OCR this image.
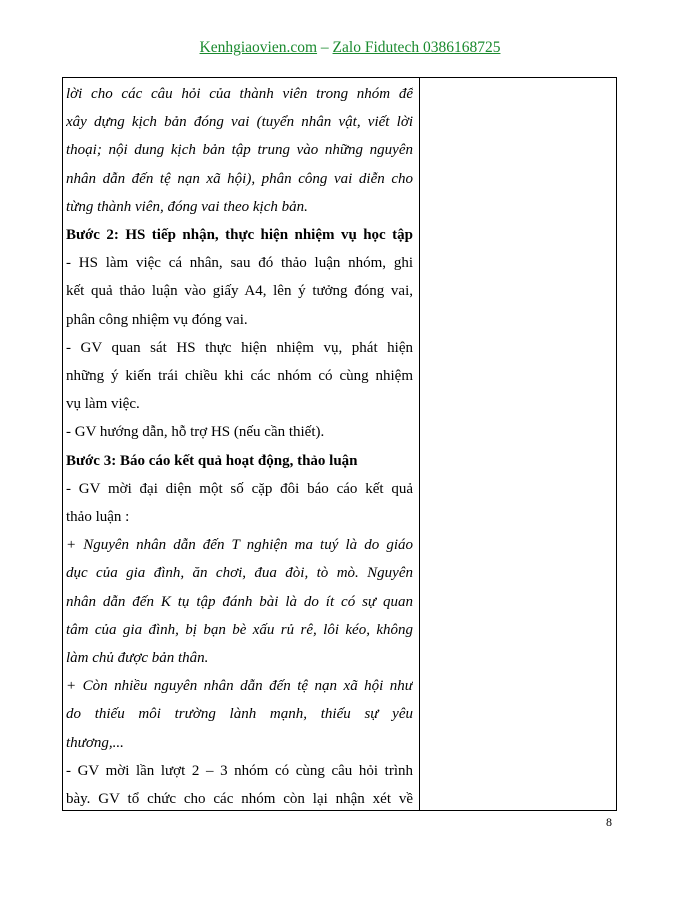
Kenhgiaovien.com – Zalo Fidutech 0386168725
lời cho các câu hỏi của thành viên trong nhóm để
xây dựng kịch bản đóng vai (tuyển nhân vật, viết lời
thoại; nội dung kịch bản tập trung vào những nguyên
nhân dẫn đến tệ nạn xã hội), phân công vai diễn cho
từng thành viên, đóng vai theo kịch bản.
Bước 2: HS tiếp nhận, thực hiện nhiệm vụ học tập
- HS làm việc cá nhân, sau đó thảo luận nhóm, ghi
kết quả thảo luận vào giấy A4, lên ý tưởng đóng vai,
phân công nhiệm vụ đóng vai.
- GV quan sát HS thực hiện nhiệm vụ, phát hiện
những ý kiến trái chiều khi các nhóm có cùng nhiệm
vụ làm việc.
- GV hướng dẫn, hỗ trợ HS (nếu cần thiết).
Bước 3: Báo cáo kết quả hoạt động, thảo luận
- GV mời đại diện một số cặp đôi báo cáo kết quả
thảo luận :
+ Nguyên nhân dẫn đến T nghiện ma tuý là do giáo
dục của gia đình, ăn chơi, đua đòi, tò mò. Nguyên
nhân dẫn đến K tụ tập đánh bài là do ít có sự quan
tâm của gia đình, bị bạn bè xấu rủ rê, lôi kéo, không
làm chủ được bản thân.
+ Còn nhiều nguyên nhân dẫn đến tệ nạn xã hội như
do thiếu môi trường lành mạnh, thiếu sự yêu
thương,...
- GV mời lần lượt 2 – 3 nhóm có cùng câu hỏi trình
bày. GV tổ chức cho các nhóm còn lại nhận xét về
8
